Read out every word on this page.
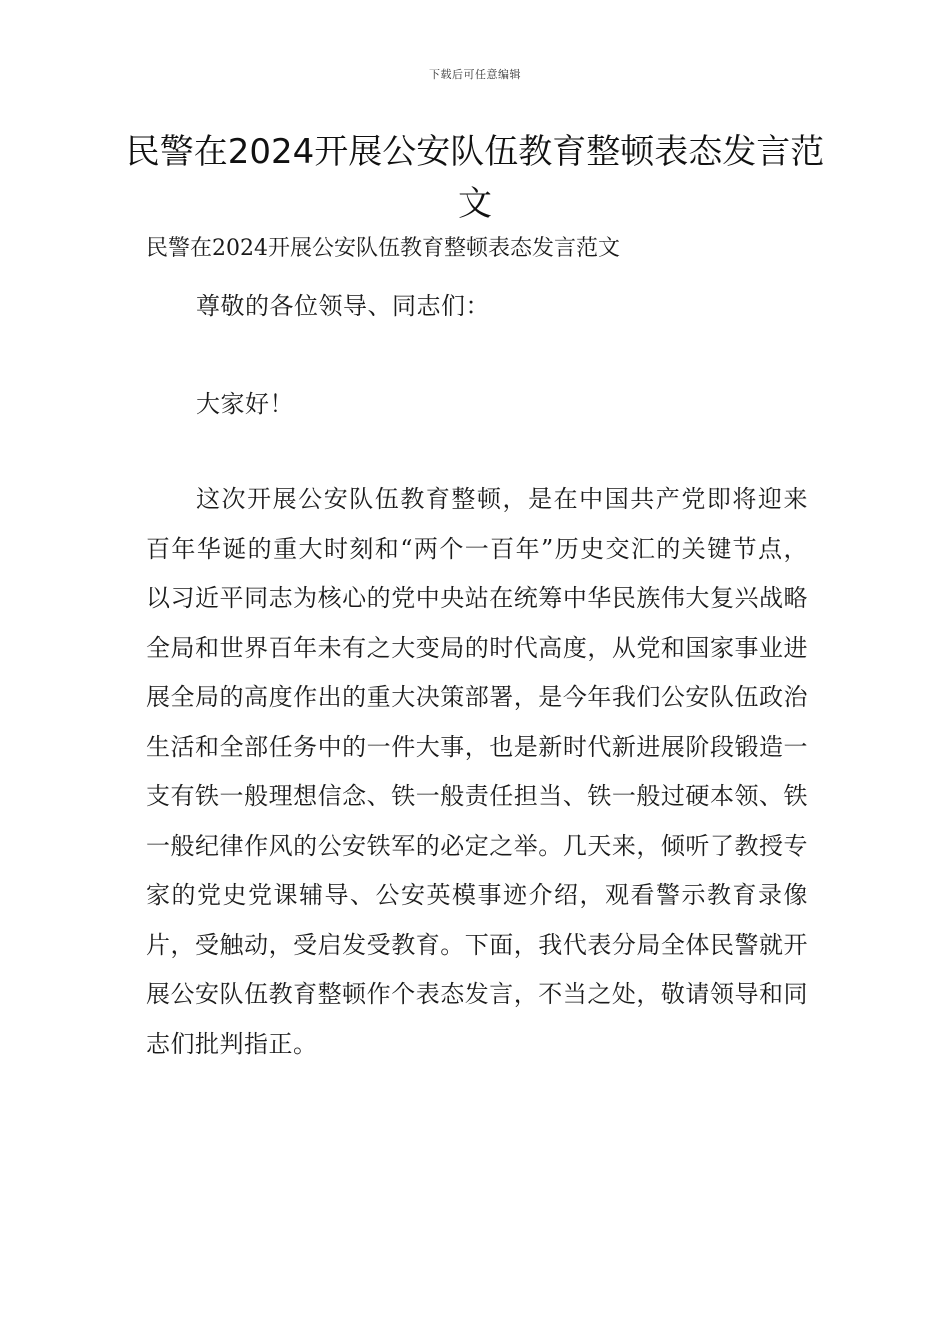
下载后可任意编辑
民警在2024开展公安队伍教育整顿表态发言范文

民警在2024开展公安队伍教育整顿表态发言范文

尊敬的各位领导、同志们：

大家好！

这次开展公安队伍教育整顿，是在中国共产党即将迎来百年华诞的重大时刻和“两个一百年”历史交汇的关键节点，以习近平同志为核心的党中央站在统筹中华民族伟大复兴战略全局和世界百年未有之大变局的时代高度，从党和国家事业进展全局的高度作出的重大决策部署，是今年我们公安队伍政治生活和全部任务中的一件大事，也是新时代新进展阶段锻造一支有铁一般理想信念、铁一般责任担当、铁一般过硬本领、铁一般纪律作风的公安铁军的必定之举。几天来，倾听了教授专家的党史党课辅导、公安英模事迹介绍，观看警示教育录像片，受触动，受启发受教育。下面，我代表分局全体民警就开展公安队伍教育整顿作个表态发言，不当之处，敬请领导和同志们批判指正。
